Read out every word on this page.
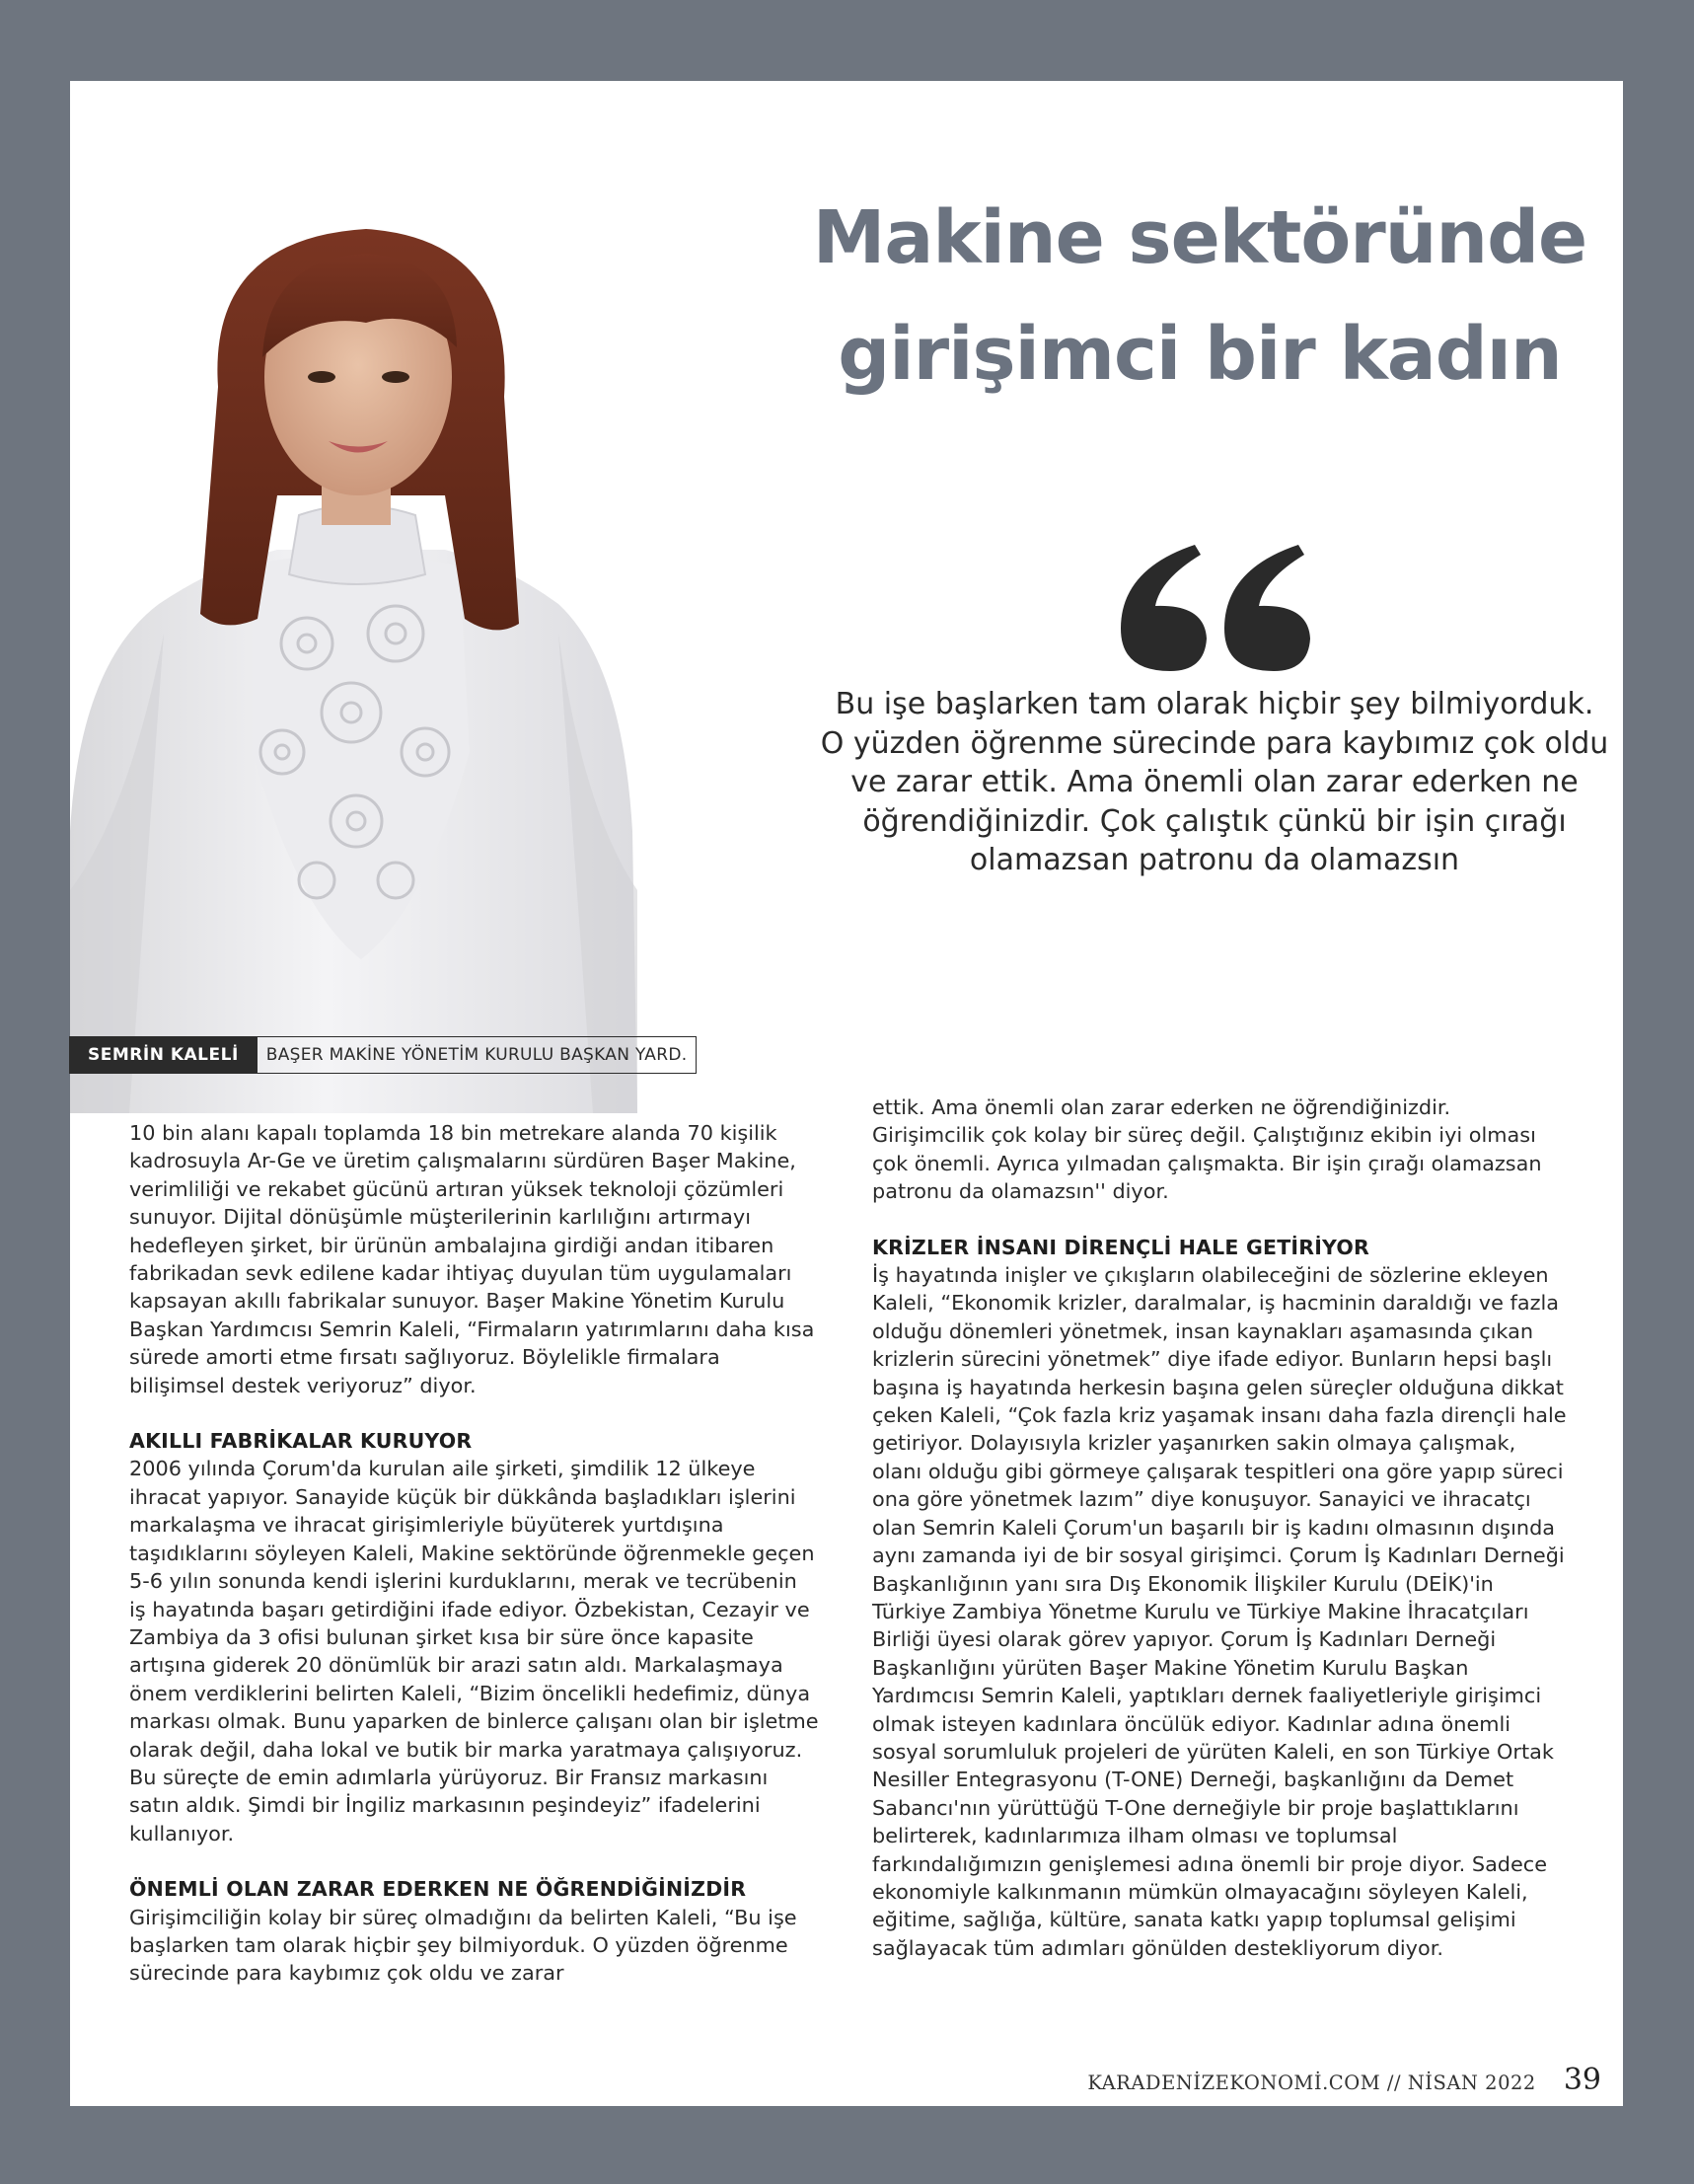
Makine sektöründe
girişimci bir kadın

Bu işe başlarken tam olarak hiçbir şey bilmiyorduk. O yüzden öğrenme sürecinde para kaybımız çok oldu ve zarar ettik. Ama önemli olan zarar ederken ne öğrendiğinizdir. Çok çalıştık çünkü bir işin çırağı olamazsan patronu da olamazsın

SEMRİN KALELİ	BAŞER MAKİNE YÖNETİM KURULU BAŞKAN YARD.

10 bin alanı kapalı toplamda 18 bin metrekare alanda 70 kişilik kadrosuyla Ar-Ge ve üretim çalışmalarını sürdüren Başer Makine, verimliliği ve rekabet gücünü artıran yüksek teknoloji çözümleri sunuyor. Dijital dönüşümle müşterilerinin karlılığını artırmayı hedefleyen şirket, bir ürünün ambalajına girdiği andan itibaren fabrikadan sevk edilene kadar ihtiyaç duyulan tüm uygulamaları kapsayan akıllı fabrikalar sunuyor. Başer Makine Yönetim Kurulu Başkan Yardımcısı Semrin Kaleli, “Firmaların yatırımlarını daha kısa sürede amorti etme fırsatı sağlıyoruz. Böylelikle firmalara bilişimsel destek veriyoruz” diyor.

AKILLI FABRİKALAR KURUYOR

2006 yılında Çorum'da kurulan aile şirketi, şimdilik 12 ülkeye ihracat yapıyor. Sanayide küçük bir dükkânda başladıkları işlerini markalaşma ve ihracat girişimleriyle büyüterek yurtdışına taşıdıklarını söyleyen Kaleli, Makine sektöründe öğrenmekle geçen 5-6 yılın sonunda kendi işlerini kurduklarını, merak ve tecrübenin iş hayatında başarı getirdiğini ifade ediyor. Özbekistan, Cezayir ve Zambiya da 3 ofisi bulunan şirket kısa bir süre önce kapasite artışına giderek 20 dönümlük bir arazi satın aldı. Markalaşmaya önem verdiklerini belirten Kaleli, “Bizim öncelikli hedefimiz, dünya markası olmak. Bunu yaparken de binlerce çalışanı olan bir işletme olarak değil, daha lokal ve butik bir marka yaratmaya çalışıyoruz. Bu süreçte de emin adımlarla yürüyoruz. Bir Fransız markasını satın aldık. Şimdi bir İngiliz markasının peşindeyiz” ifadelerini kullanıyor.

ÖNEMLİ OLAN ZARAR EDERKEN NE ÖĞRENDİĞİNİZDİR

Girişimciliğin kolay bir süreç olmadığını da belirten Kaleli, “Bu işe başlarken tam olarak hiçbir şey bilmiyorduk. O yüzden öğrenme sürecinde para kaybımız çok oldu ve zarar

ettik. Ama önemli olan zarar ederken ne öğrendiğinizdir. Girişimcilik çok kolay bir süreç değil. Çalıştığınız ekibin iyi olması çok önemli. Ayrıca yılmadan çalışmakta. Bir işin çırağı olamazsan patronu da olamazsın'' diyor.

KRİZLER İNSANI DİRENÇLİ HALE GETİRİYOR

İş hayatında inişler ve çıkışların olabileceğini de sözlerine ekleyen Kaleli, “Ekonomik krizler, daralmalar, iş hacminin daraldığı ve fazla olduğu dönemleri yönetmek, insan kaynakları aşamasında çıkan krizlerin sürecini yönetmek” diye ifade ediyor. Bunların hepsi başlı başına iş hayatında herkesin başına gelen süreçler olduğuna dikkat çeken Kaleli, “Çok fazla kriz yaşamak insanı daha fazla dirençli hale getiriyor. Dolayısıyla krizler yaşanırken sakin olmaya çalışmak, olanı olduğu gibi görmeye çalışarak tespitleri ona göre yapıp süreci ona göre yönetmek lazım” diye konuşuyor. Sanayici ve ihracatçı olan Semrin Kaleli Çorum'un başarılı bir iş kadını olmasının dışında aynı zamanda iyi de bir sosyal girişimci. Çorum İş Kadınları Derneği Başkanlığının yanı sıra Dış Ekonomik İlişkiler Kurulu (DEİK)'in Türkiye Zambiya Yönetme Kurulu ve Türkiye Makine İhracatçıları Birliği üyesi olarak görev yapıyor. Çorum İş Kadınları Derneği Başkanlığını yürüten Başer Makine Yönetim Kurulu Başkan Yardımcısı Semrin Kaleli, yaptıkları dernek faaliyetleriyle girişimci olmak isteyen kadınlara öncülük ediyor. Kadınlar adına önemli sosyal sorumluluk projeleri de yürüten Kaleli, en son Türkiye Ortak Nesiller Entegrasyonu (T-ONE) Derneği, başkanlığını da Demet Sabancı'nın yürüttüğü T-One derneğiyle bir proje başlattıklarını belirterek, kadınlarımıza ilham olması ve toplumsal farkındalığımızın genişlemesi adına önemli bir proje diyor. Sadece ekonomiyle kalkınmanın mümkün olmayacağını söyleyen Kaleli, eğitime, sağlığa, kültüre, sanata katkı yapıp toplumsal gelişimi sağlayacak tüm adımları gönülden destekliyorum diyor.

KARADENİZEKONOMİ.COM // NİSAN 2022 39
